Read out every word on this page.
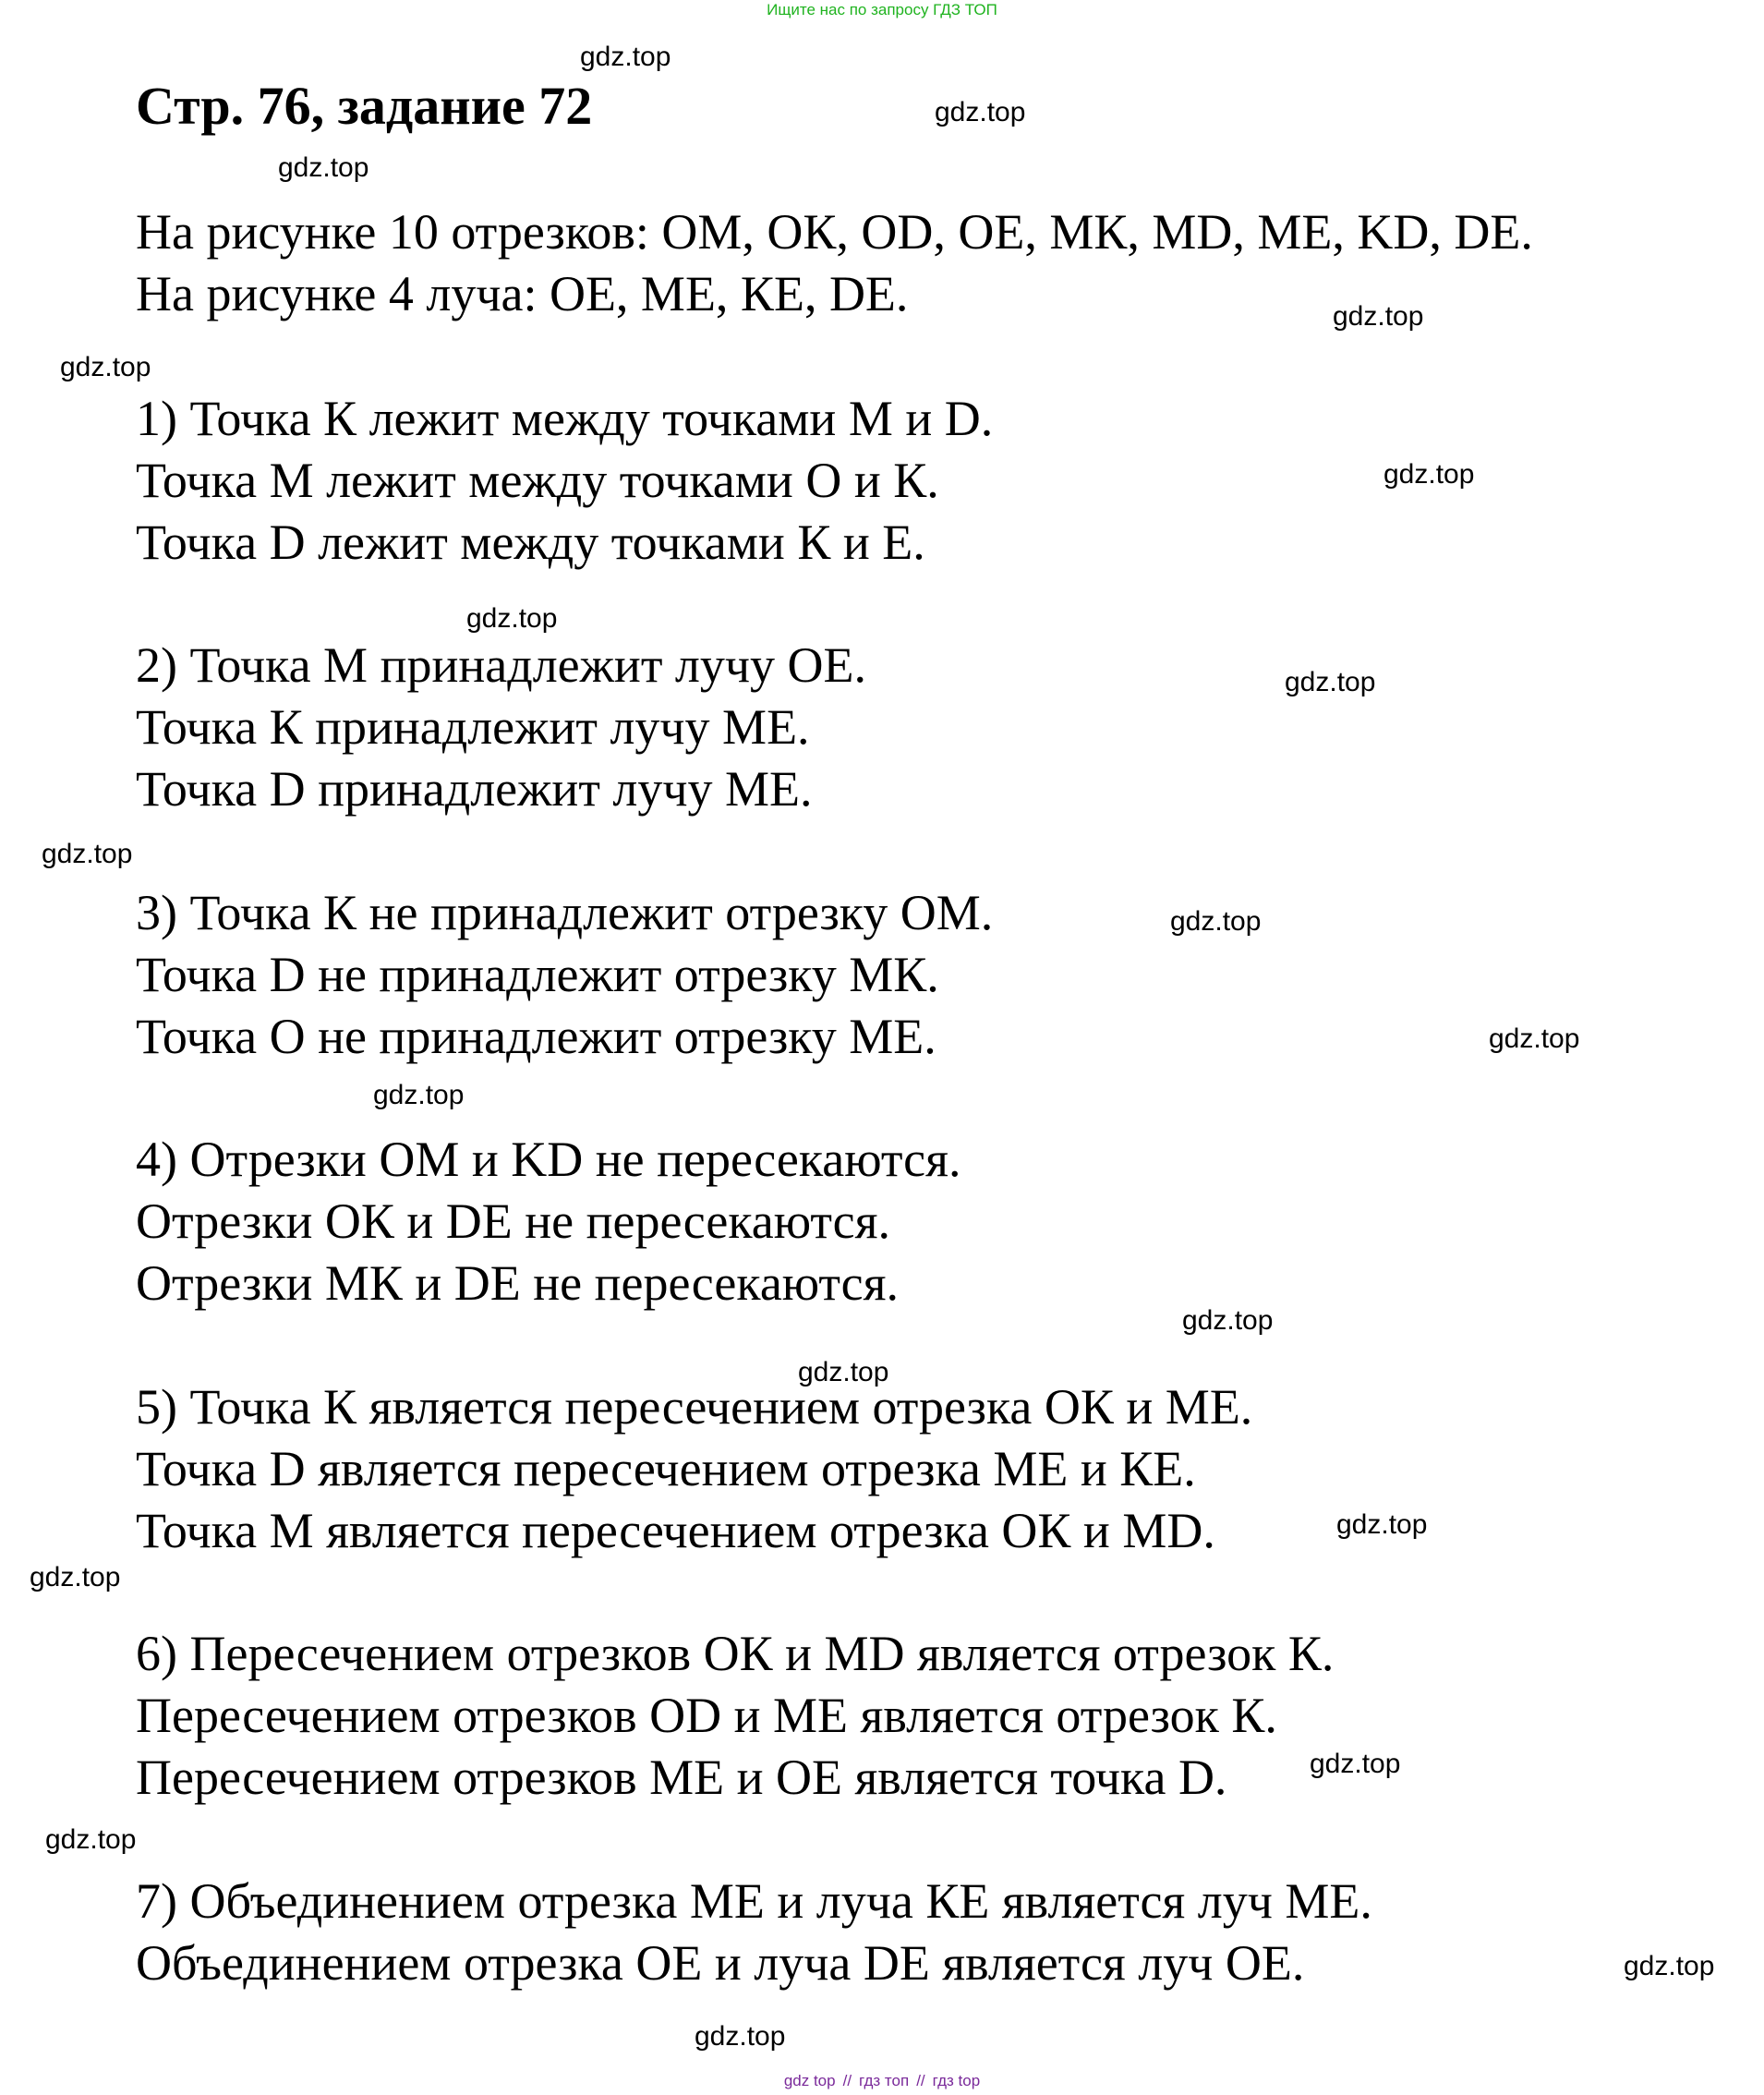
Ищите нас по запросу ГДЗ ТОП
Стр. 76, задание 72

На рисунке 10 отрезков: ОМ, ОК, OD, ОЕ, МК, MD, МЕ, KD, DE.

На рисунке 4 луча: ОЕ, МЕ, КЕ, DE.

1) Точка К лежит между точками М и D.

Точка М лежит между точками О и К.

Точка D лежит между точками К и Е.

2) Точка М принадлежит лучу ОЕ.

Точка К принадлежит лучу МЕ.

Точка D принадлежит лучу МЕ.

3) Точка К не принадлежит отрезку ОМ.

Точка D не принадлежит отрезку МК.

Точка О не принадлежит отрезку МЕ.

4) Отрезки ОМ и KD не пересекаются.

Отрезки ОК и DE не пересекаются.

Отрезки МК и DE не пересекаются.

5) Точка К является пересечением отрезка ОК и МЕ.

Точка D является пересечением отрезка МЕ и КЕ.

Точка М является пересечением отрезка ОК и MD.

6) Пересечением отрезков ОК и MD является отрезок К.

Пересечением отрезков OD и МЕ является отрезок К.

Пересечением отрезков МЕ и ОЕ является точка D.

7) Объединением отрезка МЕ и луча КЕ является луч МЕ.

Объединением отрезка ОЕ и луча DE является луч ОЕ.

gdz.top
gdz.top
gdz.top
gdz.top
gdz.top
gdz.top
gdz.top
gdz.top
gdz.top
gdz.top
gdz.top
gdz.top
gdz.top
gdz.top
gdz.top
gdz.top
gdz.top
gdz.top
gdz.top
gdz.top
gdz top // гдз топ // гдз top
